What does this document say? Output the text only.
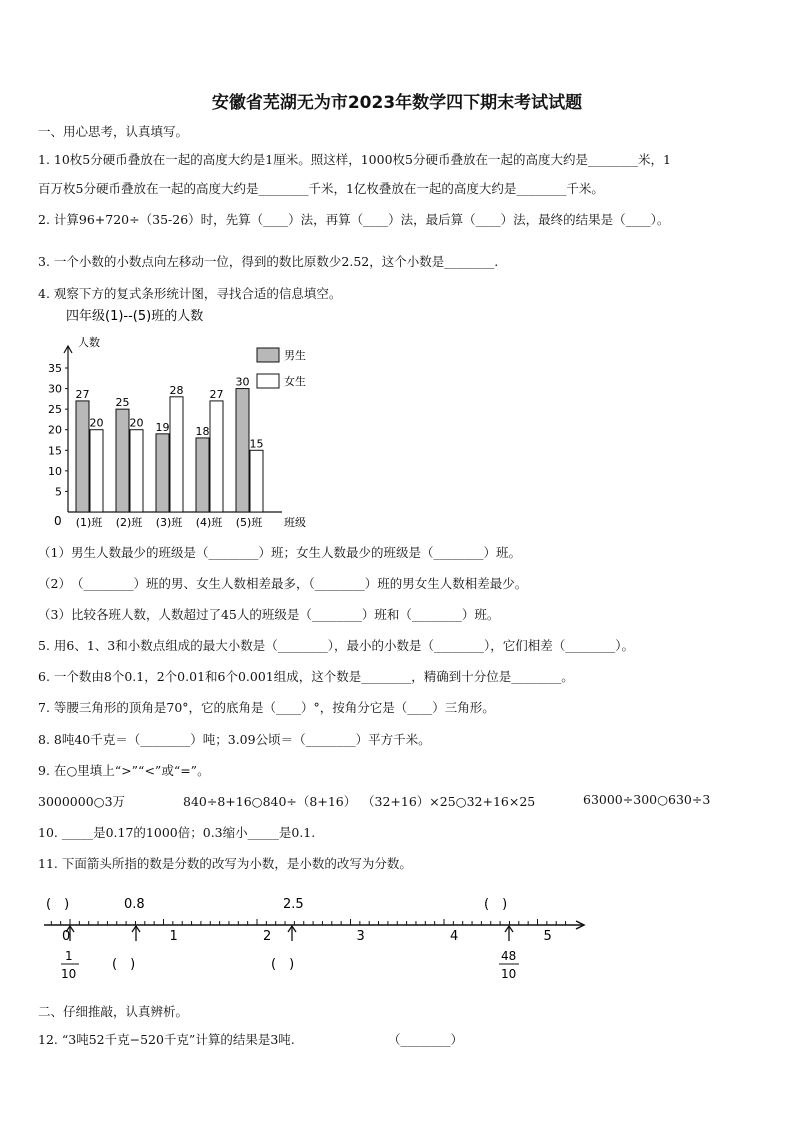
安徽省芜湖无为市2023年数学四下期末考试试题
一、用心思考，认真填写。
1. 10枚5分硬币叠放在一起的高度大约是1厘米。照这样，1000枚5分硬币叠放在一起的高度大约是________米，1
百万枚5分硬币叠放在一起的高度大约是________千米，1亿枚叠放在一起的高度大约是________千米。
2. 计算96+720÷（35-26）时，先算（____）法，再算（____）法，最后算（____）法，最终的结果是（____）。
3. 一个小数的小数点向左移动一位，得到的数比原数少2.52，这个小数是________.
4. 观察下方的复式条形统计图，寻找合适的信息填空。
四年级(1)--(5)班的人数
人数
班级
0
5
10
15
20
25
30
35
27
20
(1)班
25
20
(2)班
19
28
(3)班
18
27
(4)班
30
15
(5)班
男生
女生
（1）男生人数最少的班级是（________）班；女生人数最少的班级是（________）班。
（2）　（________）班的男、女生人数相差最多，（________）班的男女生人数相差最少。
（3）比较各班人数，人数超过了45人的班级是（________）班和（________）班。
5. 用6、1、3和小数点组成的最大小数是（________），最小的小数是（________），它们相差（________）。
6. 一个数由8个0.1，2个0.01和6个0.001组成，这个数是________，精确到十分位是________。
7. 等腰三角形的顶角是70°，它的底角是（____）°，按角分它是（____）三角形。
8. 8吨40千克＝（________）吨；3.09公顷＝（________）平方千米。
9. 在○里填上“>”“<”或“=”。
3000000○3万	840÷8+16○840÷（8+16） （32+16）×25○32+16×25	63000÷300○630÷3
10. _____是0.17的1000倍；0.3缩小_____是0.1.
11. 下面箭头所指的数是分数的改写为小数，是小数的改写为分数。
(　)	0.8	2.5	(　)
0	1	2	3	4	5
1
10
(　)	(　)
48
10
二、仔细推敲，认真辨析。
12. “3吨52千克−520千克”计算的结果是3吨.	（________）
